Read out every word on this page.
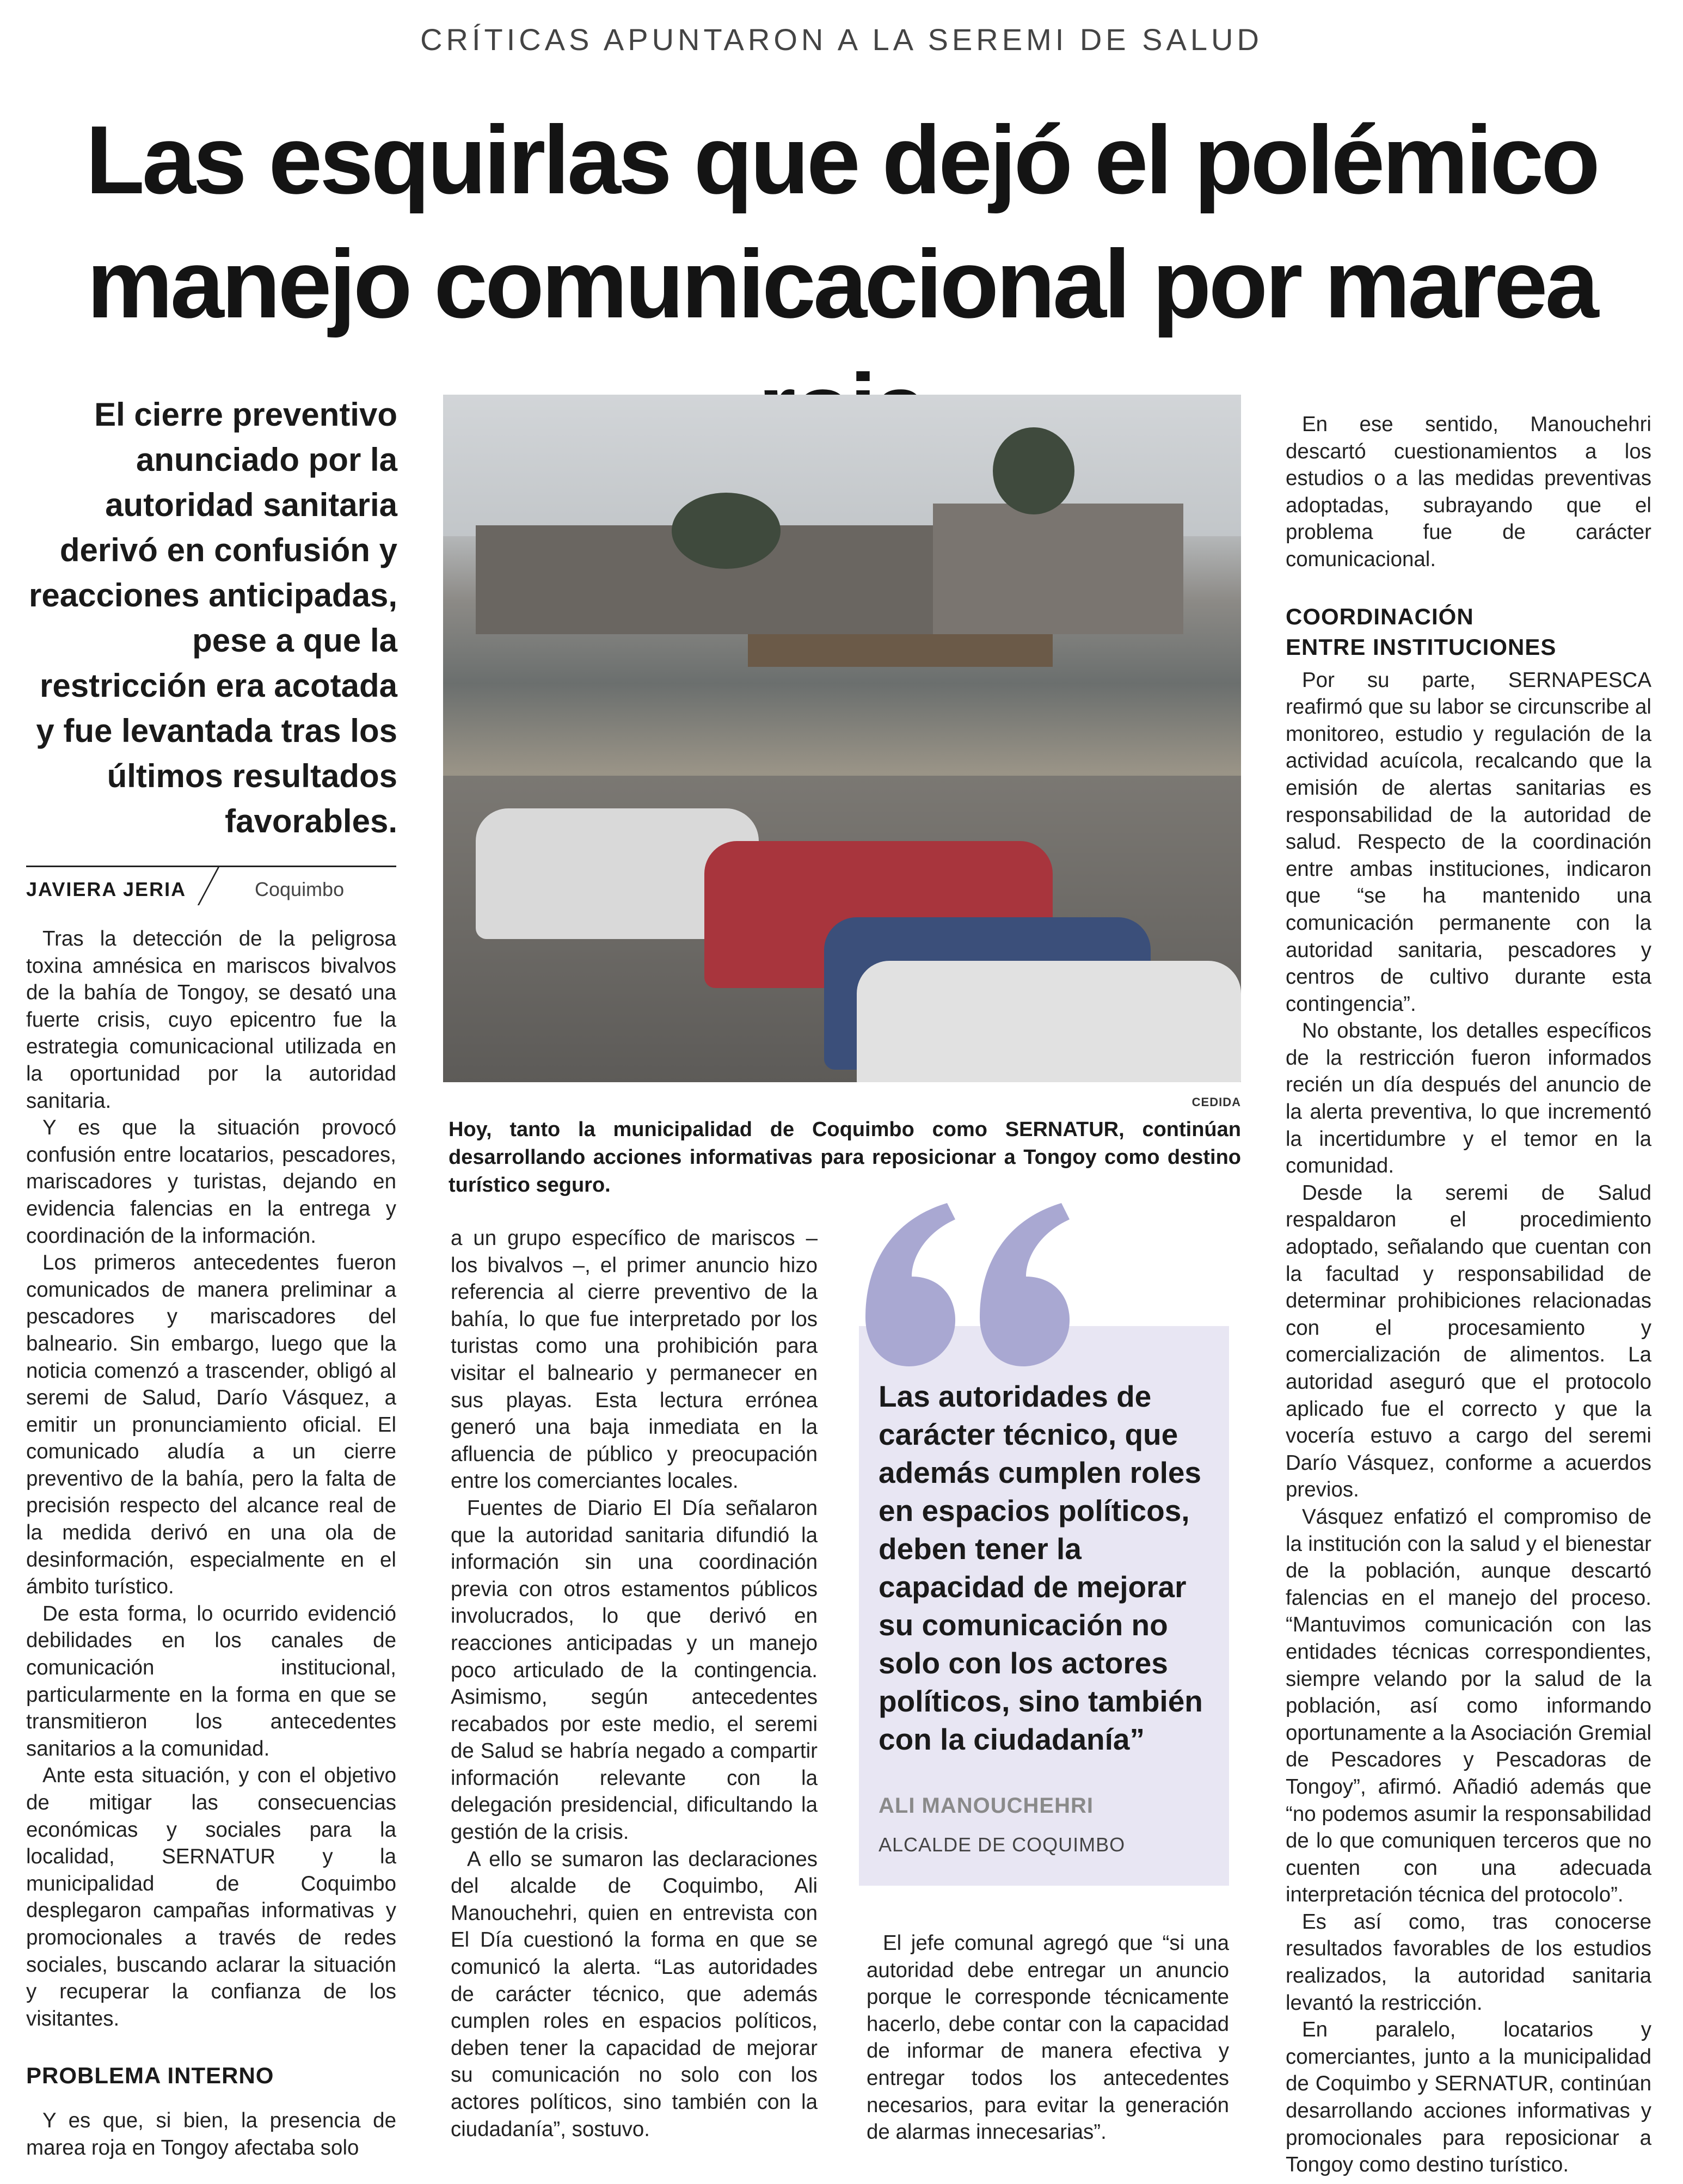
CRÍTICAS APUNTARON A LA SEREMI DE SALUD
Las esquirlas que dejó el polémico
manejo comunicacional por marea
El cierre preventivo anunciado por la autoridad sanitaria derivó en confusión y reacciones anticipadas, pese a que la restricción era acotada y fue levantada tras los últimos resultados favorables.
JAVIERA JERIA	Coquimbo

Tras la detección de la peligrosa toxina amnésica en mariscos bivalvos de la bahía de Tongoy, se desató una fuerte crisis, cuyo epicentro fue la estrategia comunicacional utilizada en la oportunidad por la autoridad sanitaria.

Y es que la situación provocó confusión entre locatarios, pescadores, mariscadores y turistas, dejando en evidencia falencias en la entrega y coordinación de la información.

Los primeros antecedentes fueron comunicados de manera preliminar a pescadores y mariscadores del balneario. Sin embargo, luego que la noticia comenzó a trascender, obligó al seremi de Salud, Darío Vásquez, a emitir un pronunciamiento oficial. El comunicado aludía a un cierre preventivo de la bahía, pero la falta de precisión respecto del alcance real de la medida derivó en una ola de desinformación, especialmente en el ámbito turístico.

De esta forma, lo ocurrido evidenció debilidades en los canales de comunicación institucional, particularmente en la forma en que se transmitieron los antecedentes sanitarios a la comunidad.

Ante esta situación, y con el objetivo de mitigar las consecuencias económicas y sociales para la localidad, SERNATUR y la municipalidad de Coquimbo desplegaron campañas informativas y promocionales a través de redes sociales, buscando aclarar la situación y recuperar la confianza de los visitantes.

PROBLEMA INTERNO

Y es que, si bien, la presencia de marea roja en Tongoy afectaba solo

CEDIDA
Hoy, tanto la municipalidad de Coquimbo como SERNATUR, continúan desarrollando acciones informativas para reposicionar a Tongoy como destino turístico seguro.

a un grupo específico de mariscos – los bivalvos –, el primer anuncio hizo referencia al cierre preventivo de la bahía, lo que fue interpretado por los turistas como una prohibición para visitar el balneario y permanecer en sus playas. Esta lectura errónea generó una baja inmediata en la afluencia de público y preocupación entre los comerciantes locales.

Fuentes de Diario El Día señalaron que la autoridad sanitaria difundió la información sin una coordinación previa con otros estamentos públicos involucrados, lo que derivó en reacciones anticipadas y un manejo poco articulado de la contingencia. Asimismo, según antecedentes recabados por este medio, el seremi de Salud se habría negado a compartir información relevante con la delegación presidencial, dificultando la gestión de la crisis.

A ello se sumaron las declaraciones del alcalde de Coquimbo, Ali Manouchehri, quien en entrevista con El Día cuestionó la forma en que se comunicó la alerta. “Las autoridades de carácter técnico, que además cumplen roles en espacios políticos, deben tener la capacidad de mejorar su comunicación no solo con los actores políticos, sino también con la ciudadanía”, sostuvo.

Las autoridades de carácter técnico, que además cumplen roles en espacios políticos, deben tener la capacidad de mejorar su comunicación no solo con los actores políticos, sino también con la ciudadanía”
ALI MANOUCHEHRI
ALCALDE DE COQUIMBO

El jefe comunal agregó que “si una autoridad debe entregar un anuncio porque le corresponde técnicamente hacerlo, debe contar con la capacidad de informar de manera efectiva y entregar todos los antecedentes necesarios, para evitar la generación de alarmas innecesarias”.

En ese sentido, Manouchehri descartó cuestionamientos a los estudios o a las medidas preventivas adoptadas, subrayando que el problema fue de carácter comunicacional.

COORDINACIÓN
ENTRE INSTITUCIONES

Por su parte, SERNAPESCA reafirmó que su labor se circunscribe al monitoreo, estudio y regulación de la actividad acuícola, recalcando que la emisión de alertas sanitarias es responsabilidad de la autoridad de salud. Respecto de la coordinación entre ambas instituciones, indicaron que “se ha mantenido una comunicación permanente con la autoridad sanitaria, pescadores y centros de cultivo durante esta contingencia”.

No obstante, los detalles específicos de la restricción fueron informados recién un día después del anuncio de la alerta preventiva, lo que incrementó la incertidumbre y el temor en la comunidad.

Desde la seremi de Salud respaldaron el procedimiento adoptado, señalando que cuentan con la facultad y responsabilidad de determinar prohibiciones relacionadas con el procesamiento y comercialización de alimentos. La autoridad aseguró que el protocolo aplicado fue el correcto y que la vocería estuvo a cargo del seremi Darío Vásquez, conforme a acuerdos previos.

Vásquez enfatizó el compromiso de la institución con la salud y el bienestar de la población, aunque descartó falencias en el manejo del proceso. “Mantuvimos comunicación con las entidades técnicas correspondientes, siempre velando por la salud de la población, así como informando oportunamente a la Asociación Gremial de Pescadores y Pescadoras de Tongoy”, afirmó. Añadió además que “no podemos asumir la responsabilidad de lo que comuniquen terceros que no cuenten con una adecuada interpretación técnica del protocolo”.

Es así como, tras conocerse resultados favorables de los estudios realizados, la autoridad sanitaria levantó la restricción.

En paralelo, locatarios y comerciantes, junto a la municipalidad de Coquimbo y SERNATUR, continúan desarrollando acciones informativas y promocionales para reposicionar a Tongoy como destino turístico.
